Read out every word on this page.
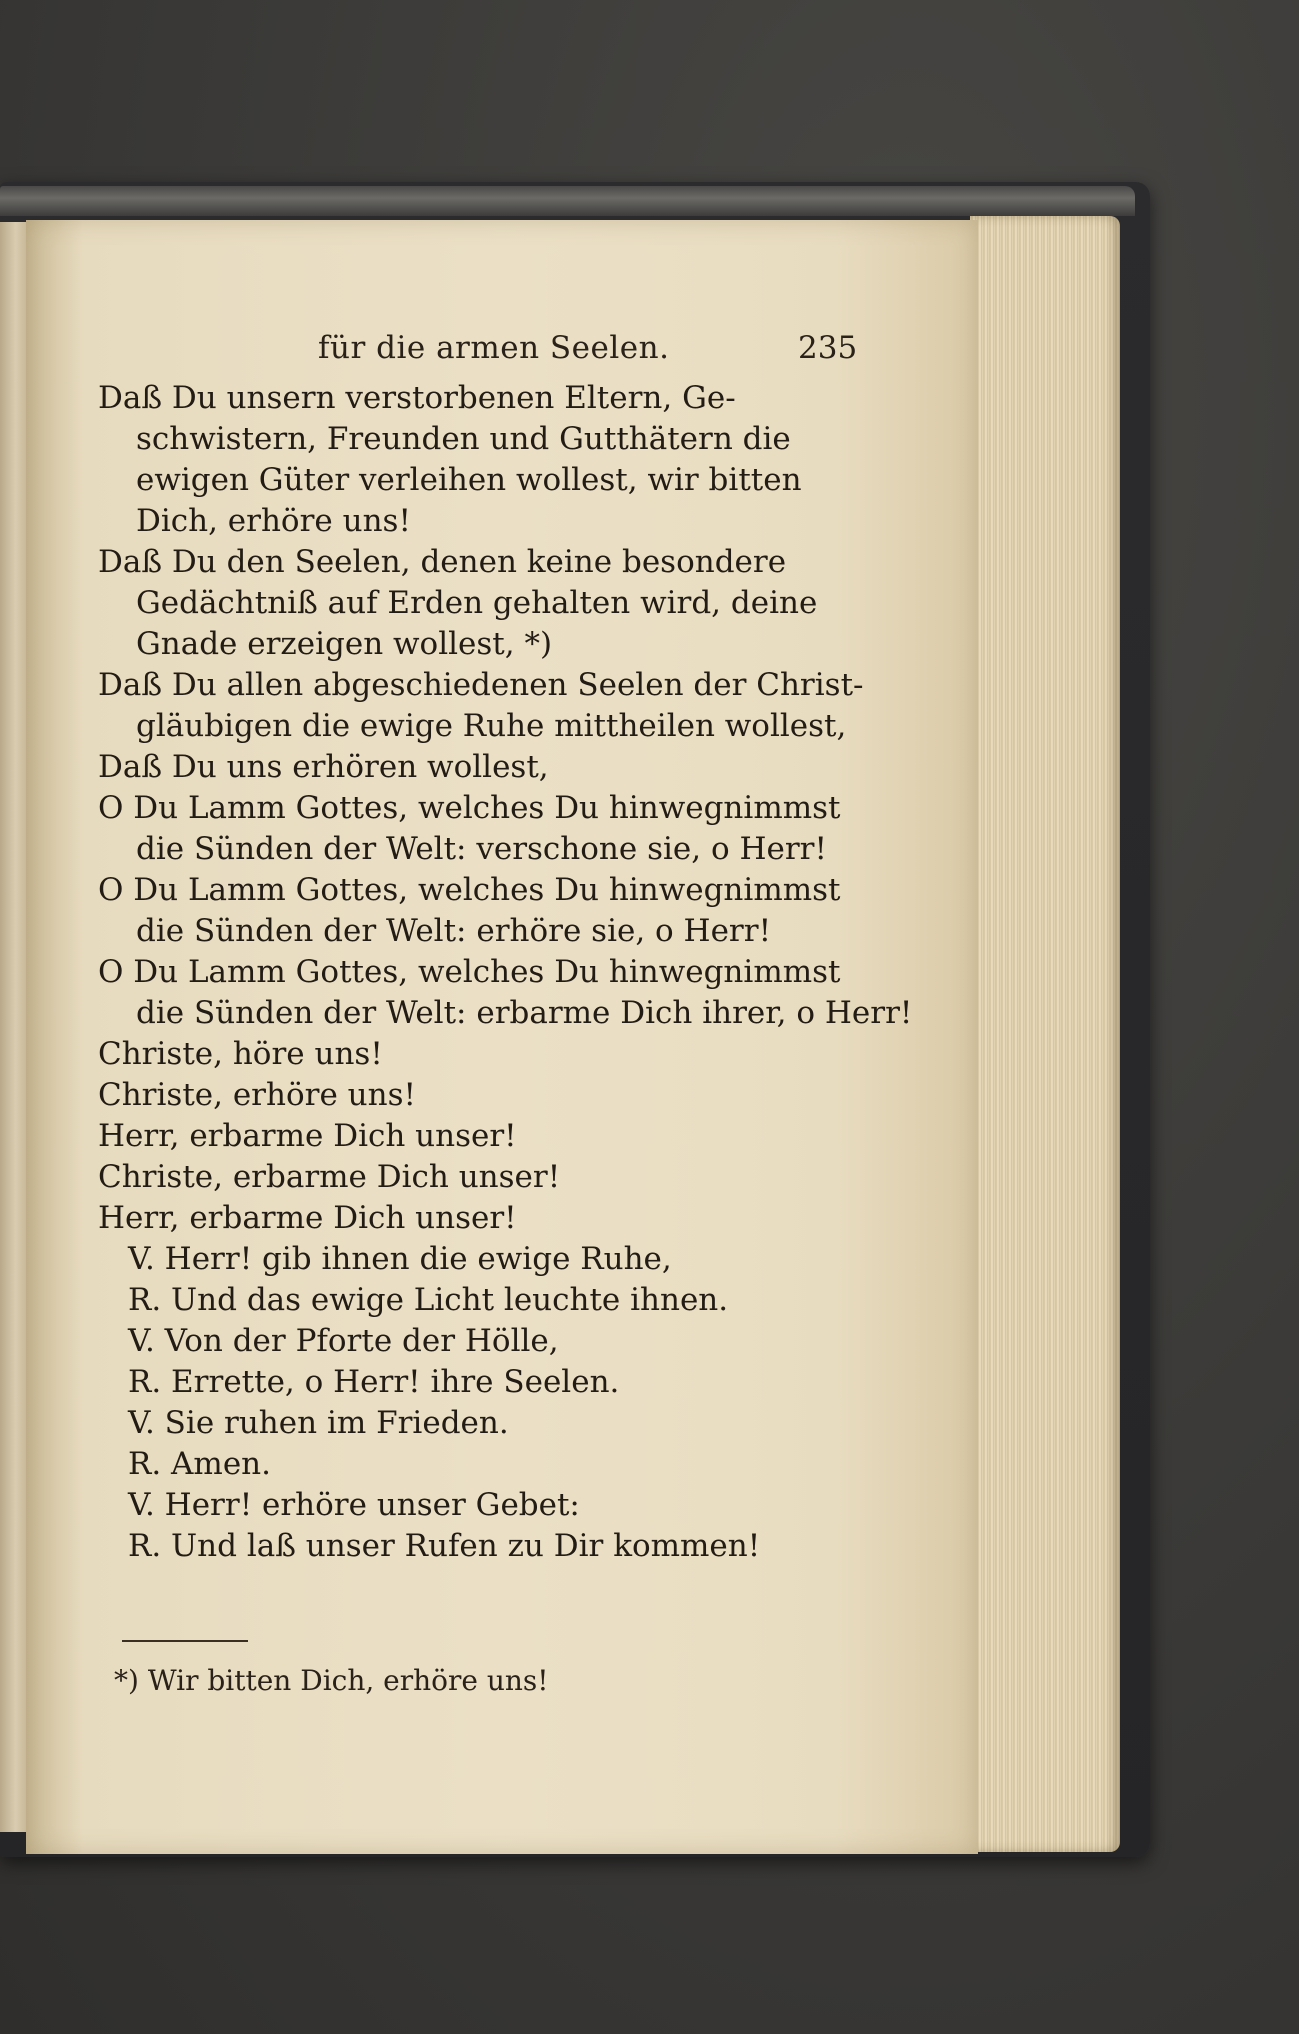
für die armen Seelen.	235
Daß Du unsern verstorbenen Eltern, Ge-
schwistern, Freunden und Gutthätern die
ewigen Güter verleihen wollest, wir bitten
Dich, erhöre uns!
Daß Du den Seelen, denen keine besondere
Gedächtniß auf Erden gehalten wird, deine
Gnade erzeigen wollest, *)
Daß Du allen abgeschiedenen Seelen der Christ-
gläubigen die ewige Ruhe mittheilen wollest,
Daß Du uns erhören wollest,
O Du Lamm Gottes, welches Du hinwegnimmst
die Sünden der Welt: verschone sie, o Herr!
O Du Lamm Gottes, welches Du hinwegnimmst
die Sünden der Welt: erhöre sie, o Herr!
O Du Lamm Gottes, welches Du hinwegnimmst
die Sünden der Welt: erbarme Dich ihrer, o Herr!
Christe, höre uns!
Christe, erhöre uns!
Herr, erbarme Dich unser!
Christe, erbarme Dich unser!
Herr, erbarme Dich unser!
V. Herr! gib ihnen die ewige Ruhe,
R. Und das ewige Licht leuchte ihnen.
V. Von der Pforte der Hölle,
R. Errette, o Herr! ihre Seelen.
V. Sie ruhen im Frieden.
R. Amen.
V. Herr! erhöre unser Gebet:
R. Und laß unser Rufen zu Dir kommen!
*) Wir bitten Dich, erhöre uns!
